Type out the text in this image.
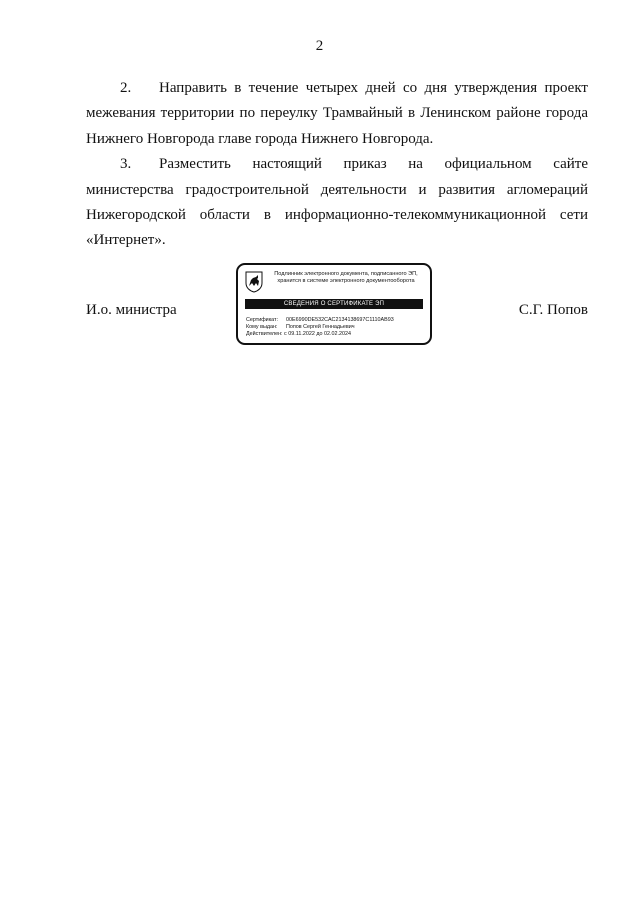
2

2. Направить в течение четырех дней со дня утверждения проект межевания территории по переулку Трамвайный в Ленинском районе города Нижнего Новгорода главе города Нижнего Новгорода.

3. Разместить настоящий приказ на официальном сайте министерства градостроительной деятельности и развития агломераций Нижегородской области в информационно-телекоммуникационной сети «Интернет».

И.о. министра
Подлинник электронного документа, подписанного ЭП,
хранится в системе электронного документооборота
СВЕДЕНИЯ О СЕРТИФИКАТЕ ЭП
Сертификат: 00E6990DE532CAC2134138697C1110AB93
Кому выдан: Попов Сергей Геннадьевич
Действителен: с 09.11.2022 до 02.02.2024
С.Г. Попов
